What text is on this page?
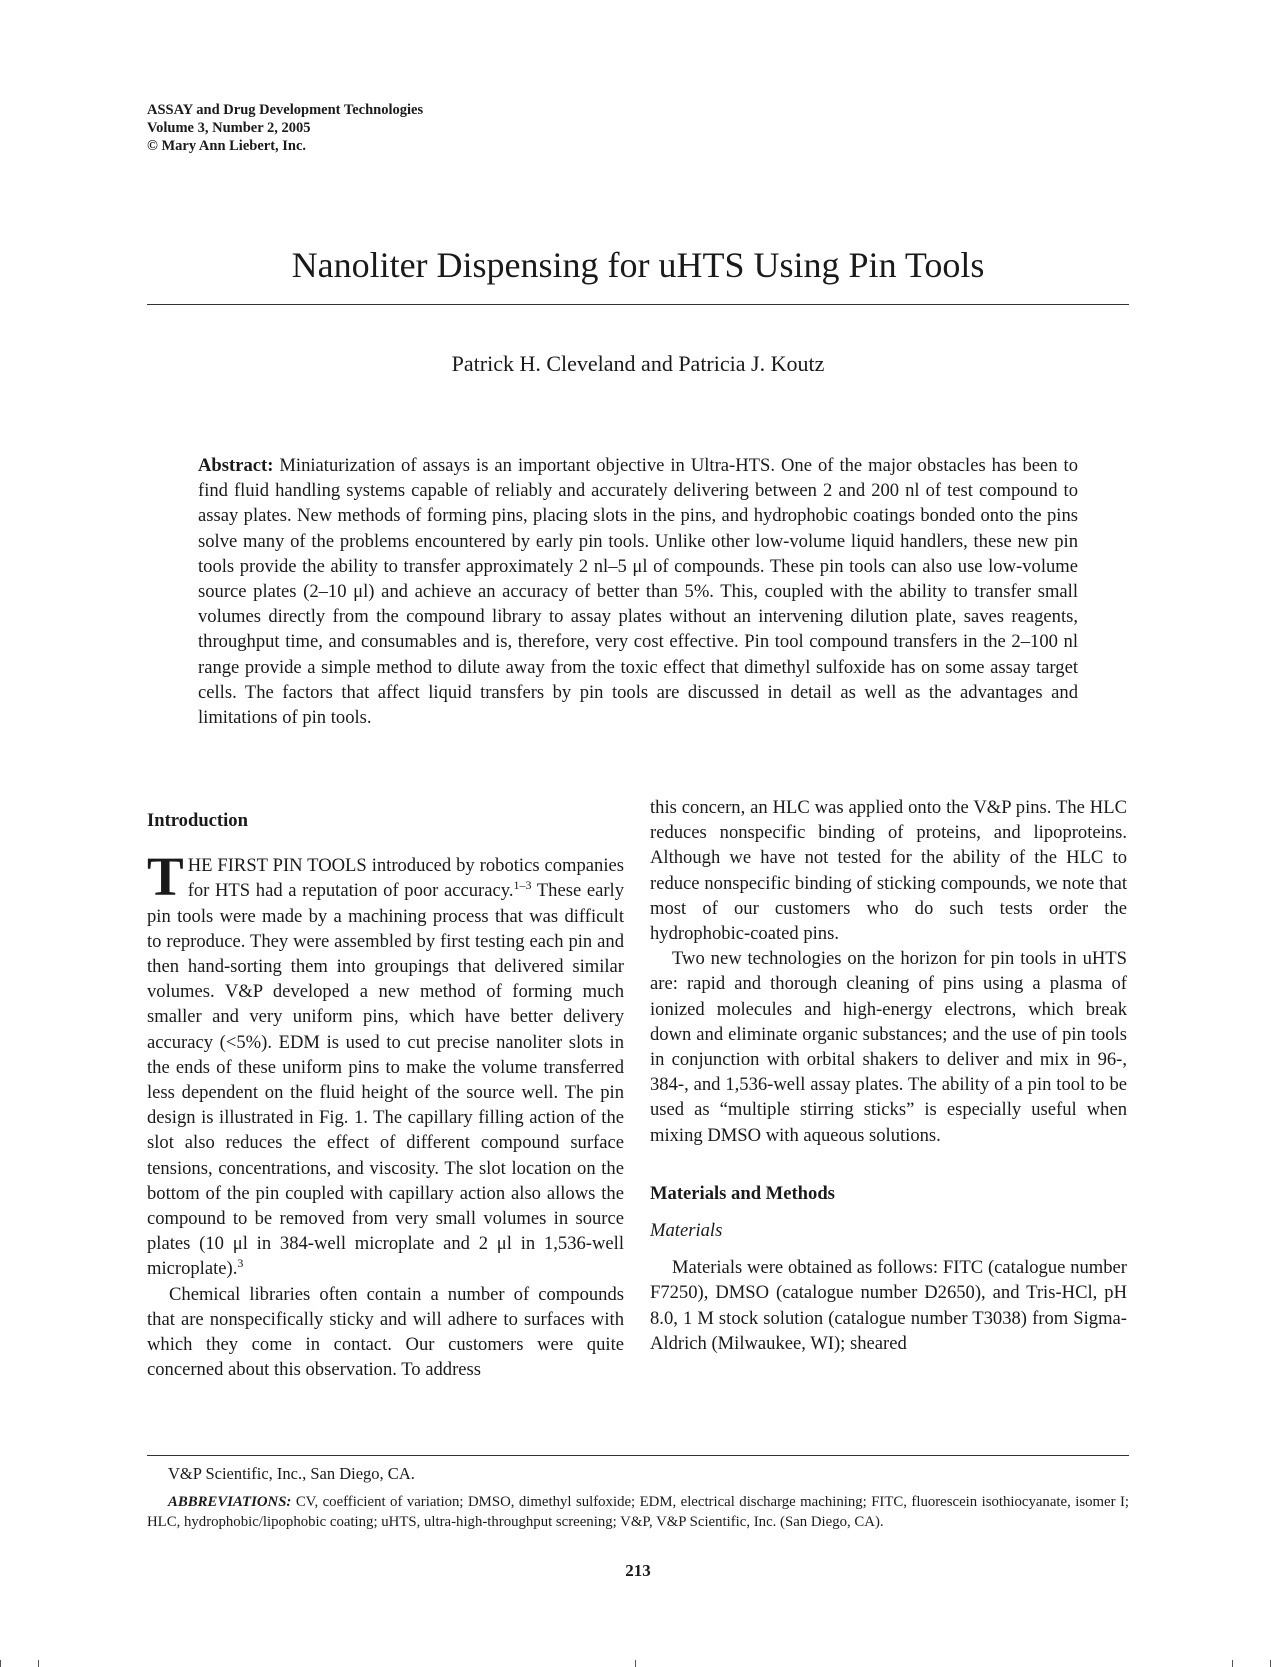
ASSAY and Drug Development Technologies
Volume 3, Number 2, 2005
© Mary Ann Liebert, Inc.
Nanoliter Dispensing for uHTS Using Pin Tools
Patrick H. Cleveland and Patricia J. Koutz
Abstract: Miniaturization of assays is an important objective in Ultra-HTS. One of the major obstacles has been to find fluid handling systems capable of reliably and accurately delivering between 2 and 200 nl of test compound to assay plates. New methods of forming pins, placing slots in the pins, and hydrophobic coatings bonded onto the pins solve many of the problems encountered by early pin tools. Unlike other low-volume liquid handlers, these new pin tools provide the ability to transfer approximately 2 nl–5 μl of compounds. These pin tools can also use low-volume source plates (2–10 μl) and achieve an accuracy of better than 5%. This, coupled with the ability to transfer small volumes directly from the compound library to assay plates without an intervening dilution plate, saves reagents, throughput time, and consumables and is, therefore, very cost effective. Pin tool compound transfers in the 2–100 nl range provide a simple method to dilute away from the toxic effect that dimethyl sulfoxide has on some assay target cells. The factors that affect liquid transfers by pin tools are discussed in detail as well as the advantages and limitations of pin tools.
Introduction

THE FIRST PIN TOOLS introduced by robotics companies for HTS had a reputation of poor accuracy.$^{1-3}$ These early pin tools were made by a machining process that was difficult to reproduce. They were assembled by first testing each pin and then hand-sorting them into groupings that delivered similar volumes. V&P developed a new method of forming much smaller and very uniform pins, which have better delivery accuracy (<5%). EDM is used to cut precise nanoliter slots in the ends of these uniform pins to make the volume transferred less dependent on the fluid height of the source well. The pin design is illustrated in Fig. 1. The capillary filling action of the slot also reduces the effect of different compound surface tensions, concentrations, and viscosity. The slot location on the bottom of the pin coupled with capillary action also allows the compound to be removed from very small volumes in source plates (10 μl in 384-well microplate and 2 μl in 1,536-well microplate).$^3$

Chemical libraries often contain a number of compounds that are nonspecifically sticky and will adhere to surfaces with which they come in contact. Our customers were quite concerned about this observation. To address

this concern, an HLC was applied onto the V&P pins. The HLC reduces nonspecific binding of proteins, and lipoproteins. Although we have not tested for the ability of the HLC to reduce nonspecific binding of sticking compounds, we note that most of our customers who do such tests order the hydrophobic-coated pins.

Two new technologies on the horizon for pin tools in uHTS are: rapid and thorough cleaning of pins using a plasma of ionized molecules and high-energy electrons, which break down and eliminate organic substances; and the use of pin tools in conjunction with orbital shakers to deliver and mix in 96-, 384-, and 1,536-well assay plates. The ability of a pin tool to be used as “multiple stirring sticks” is especially useful when mixing DMSO with aqueous solutions.

Materials and Methods
Materials

Materials were obtained as follows: FITC (catalogue number F7250), DMSO (catalogue number D2650), and Tris-HCl, pH 8.0, 1 M stock solution (catalogue number T3038) from Sigma-Aldrich (Milwaukee, WI); sheared

V&P Scientific, Inc., San Diego, CA.
ABBREVIATIONS: CV, coefficient of variation; DMSO, dimethyl sulfoxide; EDM, electrical discharge machining; FITC, fluorescein isothiocyanate, isomer I; HLC, hydrophobic/lipophobic coating; uHTS, ultra-high-throughput screening; V&P, V&P Scientific, Inc. (San Diego, CA).
213
